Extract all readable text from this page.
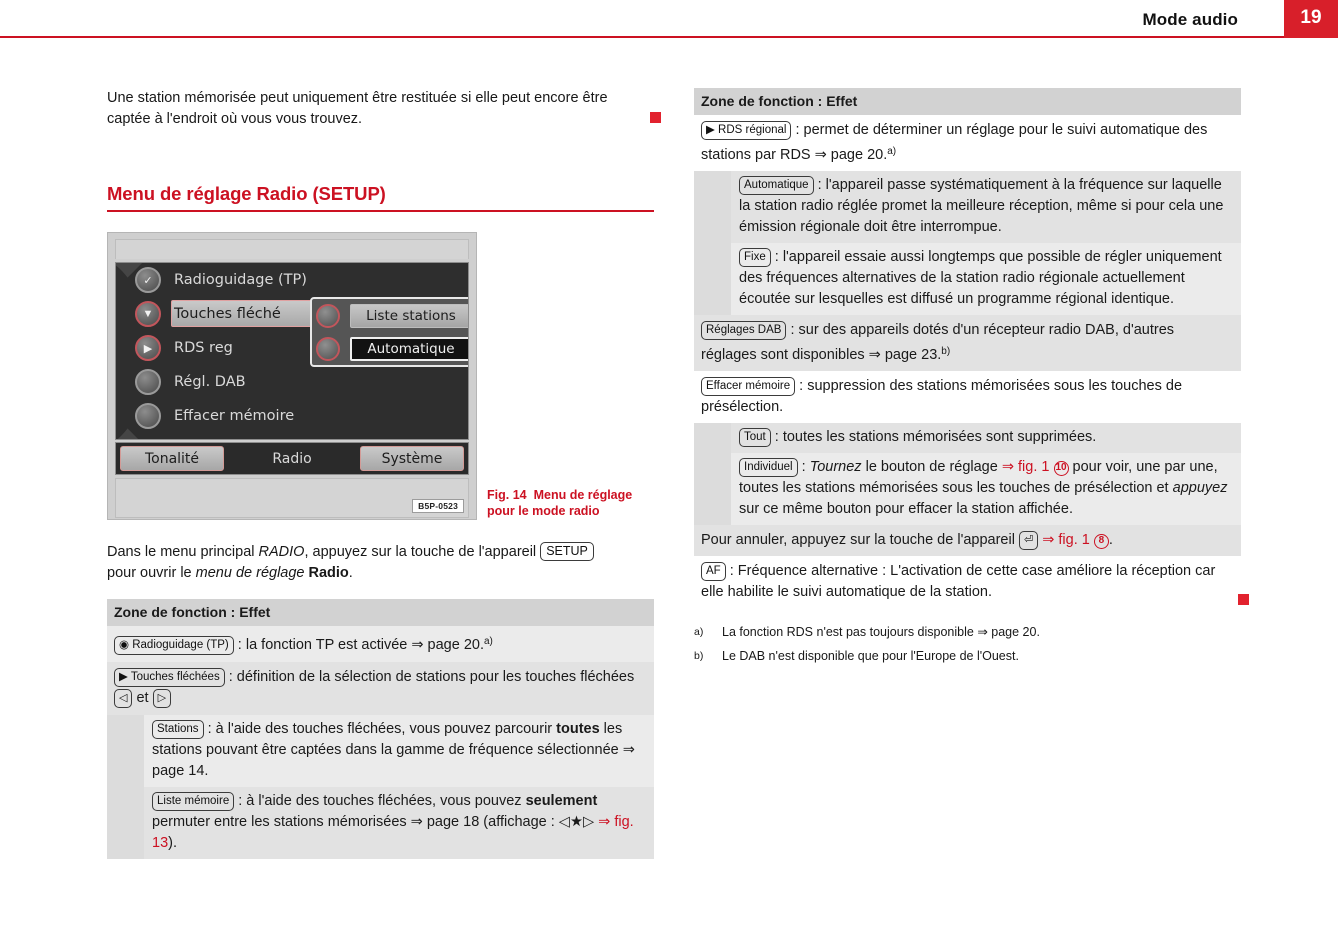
Mode audio	19
Une station mémorisée peut uniquement être restituée si elle peut encore être captée à l'endroit où vous vous trouvez.
Menu de réglage Radio (SETUP)
✓	Radioguidage (TP)
▼	Touches fléché
▶	RDS reg
Régl. DAB
Effacer mémoire
Liste stations
Automatique
Tonalité	Radio	Système
B5P-0523
Fig. 14 Menu de réglage pour le mode radio
Dans le menu principal RADIO, appuyez sur la touche de l'appareil SETUP
pour ouvrir le menu de réglage Radio.
Zone de fonction : Effet
◉ Radioguidage (TP) : la fonction TP est activée ⇒ page 20.$^{a)}$
▶ Touches fléchées : définition de la sélection de stations pour les touches fléchées ◁ et ▷
Stations : à l'aide des touches fléchées, vous pouvez parcourir toutes les stations pouvant être captées dans la gamme de fréquence sélectionnée ⇒ page 14.
Liste mémoire : à l'aide des touches fléchées, vous pouvez seulement permuter entre les stations mémorisées ⇒ page 18 (affichage : ◁★▷ ⇒ fig. 13).
Zone de fonction : Effet
▶ RDS régional : permet de déterminer un réglage pour le suivi automatique des stations par RDS ⇒ page 20.$^{a)}$
Automatique : l'appareil passe systématiquement à la fréquence sur laquelle la station radio réglée promet la meilleure réception, même si pour cela une émission régionale doit être interrompue.
Fixe : l'appareil essaie aussi longtemps que possible de régler uniquement des fréquences alternatives de la station radio régionale actuellement écoutée sur lesquelles est diffusé un programme régional identique.
Réglages DAB : sur des appareils dotés d'un récepteur radio DAB, d'autres réglages sont disponibles ⇒ page 23.$^{b)}$
Effacer mémoire : suppression des stations mémorisées sous les touches de présélection.
Tout : toutes les stations mémorisées sont supprimées.
Individuel : Tournez le bouton de réglage ⇒ fig. 1 10 pour voir, une par une, toutes les stations mémorisées sous les touches de présélection et appuyez sur ce même bouton pour effacer la station affichée.
Pour annuler, appuyez sur la touche de l'appareil ⏎ ⇒ fig. 1 8 .
AF : Fréquence alternative : L'activation de cette case améliore la réception car elle habilite le suivi automatique de la station.
a)	La fonction RDS n'est pas toujours disponible ⇒ page 20.
b)	Le DAB n'est disponible que pour l'Europe de l'Ouest.
